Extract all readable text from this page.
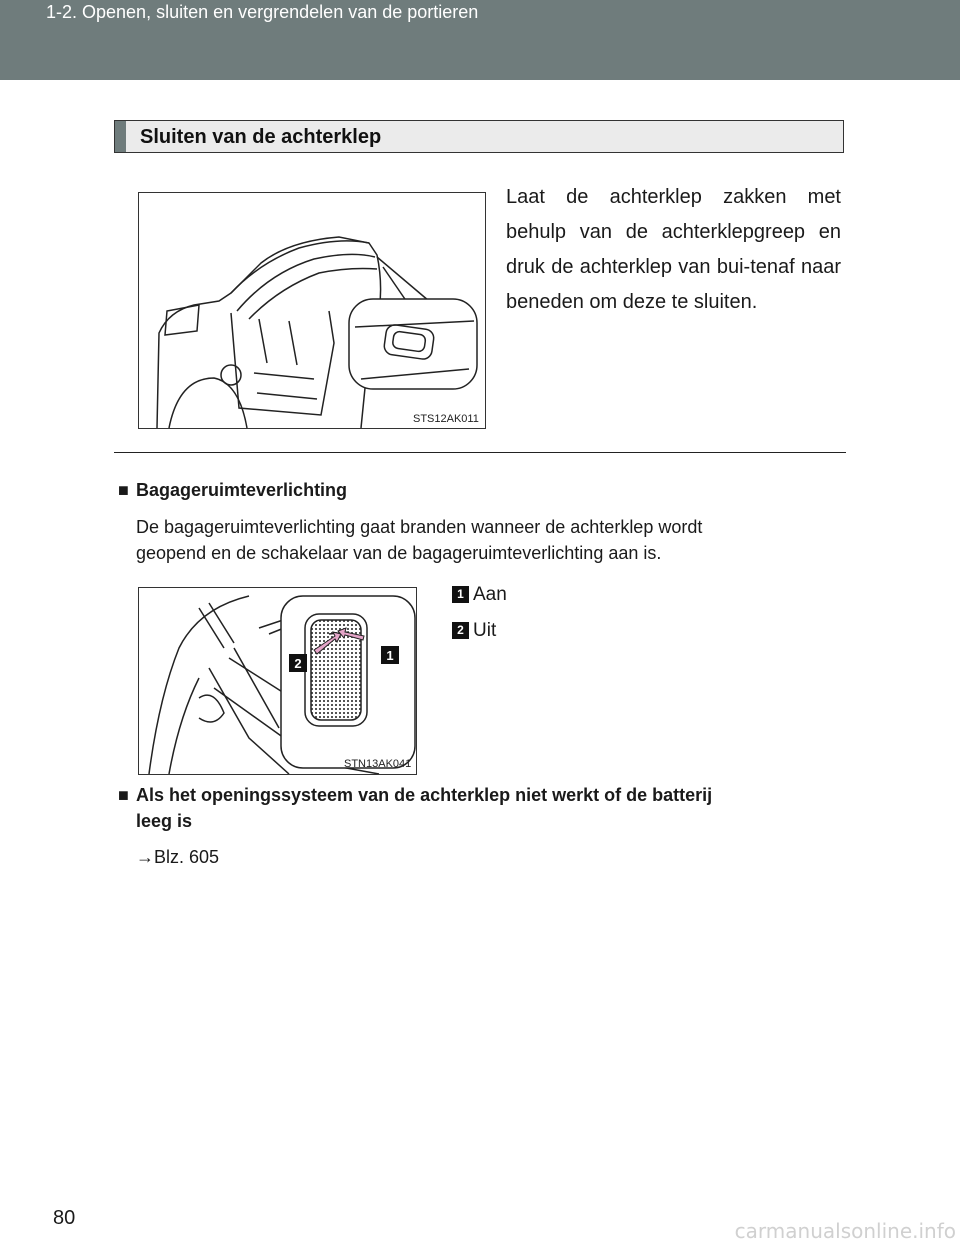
1-2. Openen, sluiten en vergrendelen van de portieren
Sluiten van de achterklep
STS12AK011
Laat de achterklep zakken met behulp van de achterklepgreep en druk de achterklep van bui-tenaf naar beneden om deze te sluiten.
■ Bagageruimteverlichting
De bagageruimteverlichting gaat branden wanneer de achterklep wordt
geopend en de schakelaar van de bagageruimteverlichting aan is.
2
1
STN13AK041
1 Aan
2 Uit
■ Als het openingssysteem van de achterklep niet werkt of de batterij
leeg is
→Blz. 605
80
carmanualsonline.info
